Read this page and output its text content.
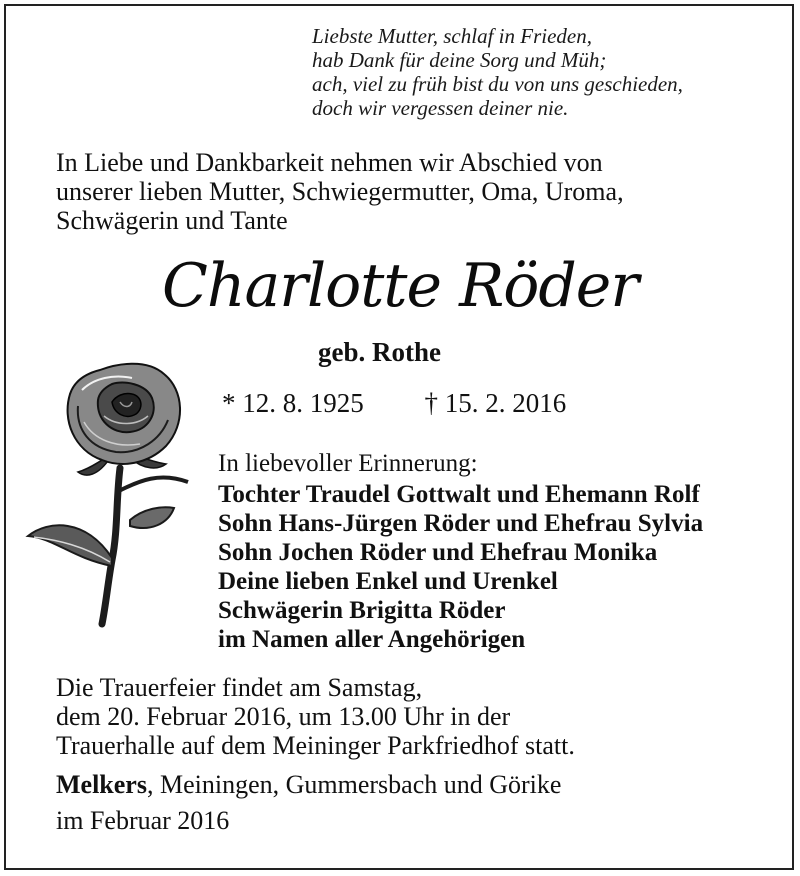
Liebste Mutter, schlaf in Frieden,
hab Dank für deine Sorg und Müh;
ach, viel zu früh bist du von uns geschieden,
doch wir vergessen deiner nie.
In Liebe und Dankbarkeit nehmen wir Abschied von
unserer lieben Mutter, Schwiegermutter, Oma, Uroma,
Schwägerin und Tante
Charlotte Röder
geb. Rothe
* 12. 8. 1925 † 15. 2. 2016
In liebevoller Erinnerung:
Tochter Traudel Gottwalt und Ehemann Rolf
Sohn Hans-Jürgen Röder und Ehefrau Sylvia
Sohn Jochen Röder und Ehefrau Monika
Deine lieben Enkel und Urenkel
Schwägerin Brigitta Röder
im Namen aller Angehörigen
Die Trauerfeier findet am Samstag,
dem 20. Februar 2016, um 13.00 Uhr in der
Trauerhalle auf dem Meininger Parkfriedhof statt.
Melkers, Meiningen, Gummersbach und Görike
im Februar 2016
